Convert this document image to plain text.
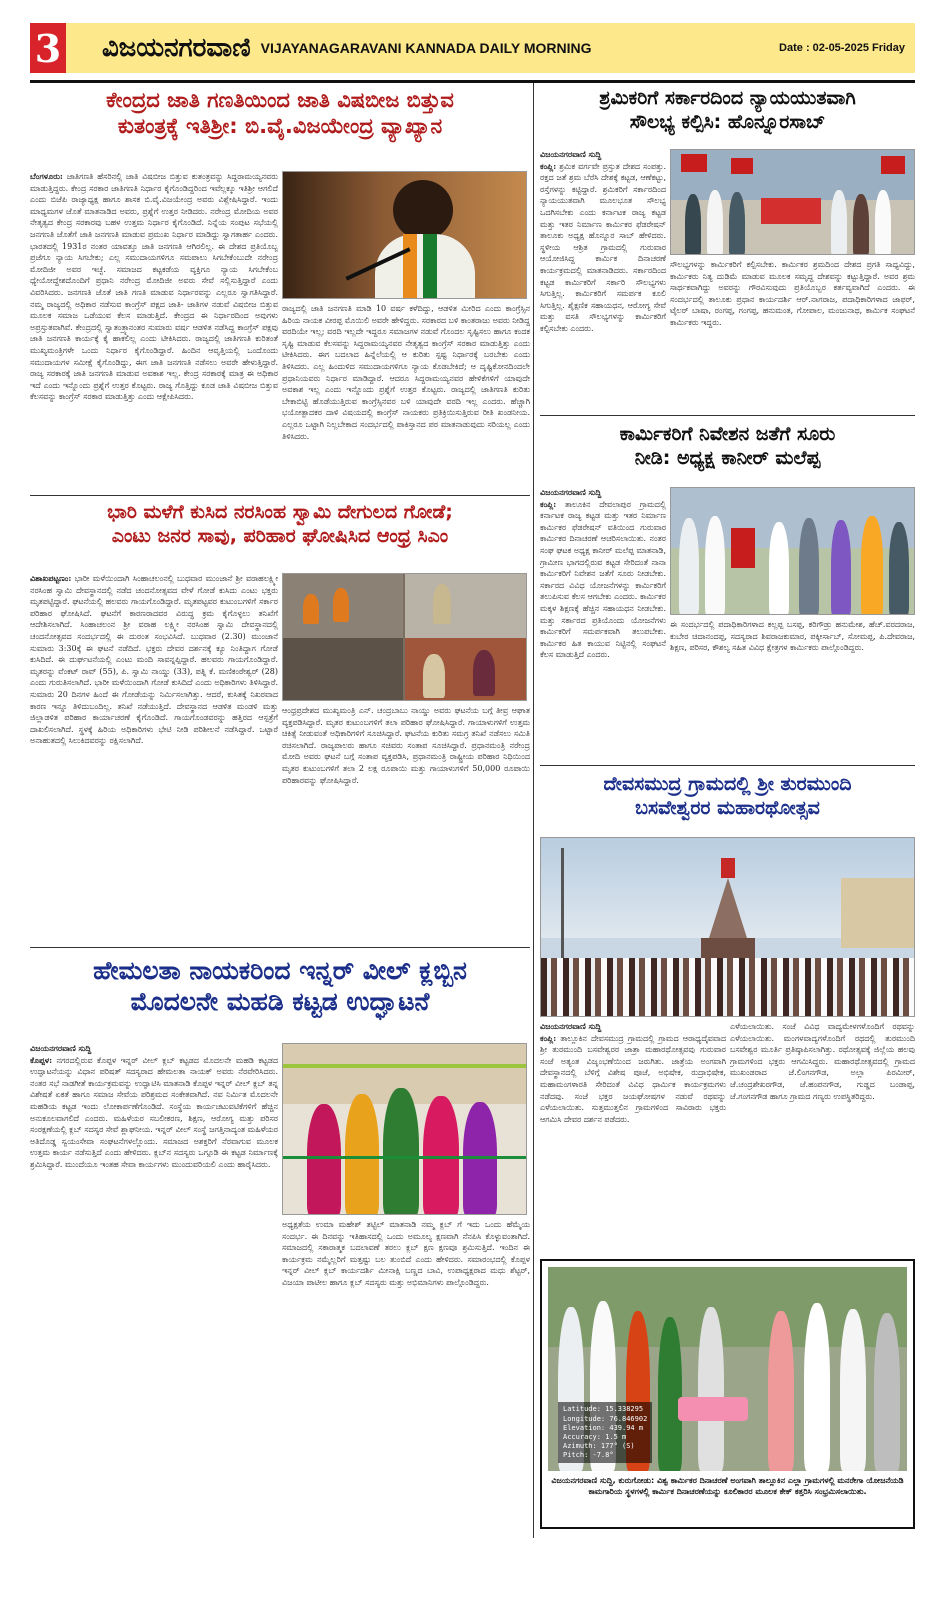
3 ವಿಜಯನಗರವಾಣಿ VIJAYANAGARAVANI KANNADA DAILY MORNING	Date : 02-05-2025 Friday
ಕೇಂದ್ರದ ಜಾತಿ ಗಣತಿಯಿಂದ ಜಾತಿ ವಿಷಬೀಜ ಬಿತ್ತುವ
ಕುತಂತ್ರಕ್ಕೆ ಇತಿಶ್ರೀ: ಬಿ.ವೈ.ವಿಜಯೇಂದ್ರ ವ್ಯಾಖ್ಯಾನ
ಬೆಂಗಳೂರು: ಜಾತಿಗಣತಿ ಹೆಸರಿನಲ್ಲಿ ಜಾತಿ ವಿಷಬೀಜ ಬಿತ್ತುವ ಕುತಂತ್ರವನ್ನು ಸಿದ್ದರಾಮಯ್ಯನವರು ಮಾಡುತ್ತಿದ್ದರು. ಕೇಂದ್ರ ಸರಕಾರ ಜಾತಿಗಣತಿ ನಿರ್ಧಾರ ಕೈಗೊಂಡಿದ್ದರಿಂದ ಇವೆಲ್ಲಕ್ಕೂ ಇತಿಶ್ರೀ ಆಗಲಿದೆ ಎಂದು ಬಿಜೆಪಿ ರಾಜ್ಯಾಧ್ಯಕ್ಷ ಹಾಗೂ ಶಾಸಕ ಬಿ.ವೈ.ವಿಜಯೇಂದ್ರ ಅವರು ವಿಶ್ಲೇಷಿಸಿದ್ದಾರೆ. ಇಂದು ಮಾಧ್ಯಮಗಳ ಜೊತೆ ಮಾತನಾಡಿದ ಅವರು, ಪ್ರಶ್ನೆಗೆ ಉತ್ತರ ನೀಡಿದರು. ನರೇಂದ್ರ ಮೋದಿಯ ಅವರ ನೇತೃತ್ವದ ಕೇಂದ್ರ ಸರಕಾರವು ಬಹಳ ಉತ್ತಮ ನಿರ್ಧಾರ ಕೈಗೊಂಡಿದೆ. ನಿನ್ನೆಯ ಸಂಪುಟ ಸಭೆಯಲ್ಲಿ ಜನಗಣತಿ ಜೊತೆಗೆ ಜಾತಿ ಜನಗಣತಿ ಮಾಡುವ ಪ್ರಮುಖ ನಿರ್ಧಾರ ಮಾಡಿದ್ದು ಸ್ವಾಗತಾರ್ಹ ಎಂದರು. ಭಾರತದಲ್ಲಿ 1931ರ ನಂತರ ಯಾವತ್ತೂ ಜಾತಿ ಜನಗಣತಿ ಆಗಿರಲಿಲ್ಲ. ಈ ದೇಶದ ಪ್ರತಿಯೊಬ್ಬ ಪ್ರಜೆಗೂ ನ್ಯಾಯ ಸಿಗಬೇಕು; ಎಲ್ಲ ಸಮುದಾಯಗಳಿಗೂ ಸಮಪಾಲು ಸಿಗಬೇಕೆಂಬುದೇ ನರೇಂದ್ರ ಮೋದಿಜೀ ಅವರ ಇಚ್ಛೆ. ಸಮಾಜದ ಕಟ್ಟಕಡೆಯ ವ್ಯಕ್ತಿಗೂ ನ್ಯಾಯ ಸಿಗಬೇಕೆಂಬ ಧ್ಯೇಯೋದ್ದೇಶದೊಂದಿಗೆ ಪ್ರಧಾನಿ ನರೇಂದ್ರ ಮೋದಿಜೀ ಅವರು ಸೇವೆ ಸಲ್ಲಿಸುತ್ತಿದ್ದಾರೆ ಎಂದು ವಿವರಿಸಿದರು. ಜನಗಣತಿ ಜೊತೆ ಜಾತಿ ಗಣತಿ ಮಾಡುವ ನಿರ್ಧಾರವನ್ನು ಎಲ್ಲರೂ ಸ್ವಾಗತಿಸಿದ್ದಾರೆ. ನಮ್ಮ ರಾಜ್ಯದಲ್ಲಿ ಅಧಿಕಾರ ನಡೆಸುವ ಕಾಂಗ್ರೆಸ್ ಪಕ್ಷದ ಜಾತಿ- ಜಾತಿಗಳ ನಡುವೆ ವಿಷಬೀಜ ಬಿತ್ತುವ ಮೂಲಕ ಸಮಾಜ ಒಡೆಯುವ ಕೆಲಸ ಮಾಡುತ್ತಿದೆ. ಕೇಂದ್ರದ ಈ ನಿರ್ಧಾರದಿಂದ ಅವುಗಳು ಅಪ್ರಸ್ತುತವಾಗಿವೆ. ಕೇಂದ್ರದಲ್ಲಿ ಸ್ವಾತಂತ್ರ್ಯಾನಂತರ ಸುಮಾರು ವರ್ಷ ಆಡಳಿತ ನಡೆಸಿದ್ದ ಕಾಂಗ್ರೆಸ್ ಪಕ್ಷವು ಜಾತಿ ಜನಗಣತಿ ಕಾರ್ಯಕ್ಕೆ ಕೈ ಹಾಕಲಿಲ್ಲ ಎಂದು ಟೀಕಿಸಿದರು. ರಾಜ್ಯದಲ್ಲಿ ಜಾತಿಗಣತಿ ಕುರಿತಂತೆ ಮುಖ್ಯಮಂತ್ರಿಗಳೇ ಒಂದು ನಿರ್ಧಾರ ಕೈಗೊಂಡಿದ್ದಾರೆ. ಹಿಂದಿನ ಆವೃತ್ತಿಯಲ್ಲಿ ಒಂದೊಂದು ಸಮುದಾಯಗಳ ಸಮೀಕ್ಷೆ ಕೈಗೊಂಡಿದ್ದು, ಈಗ ಜಾತಿ ಜನಗಣತಿ ನಡೆಸಲು ಅವರೇ ಹೇಳುತ್ತಿದ್ದಾರೆ. ರಾಜ್ಯ ಸರಕಾರಕ್ಕೆ ಜಾತಿ ಜನಗಣತಿ ಮಾಡುವ ಅವಕಾಶ ಇಲ್ಲ. ಕೇಂದ್ರ ಸರಕಾರಕ್ಕೆ ಮಾತ್ರ ಈ ಅಧಿಕಾರ ಇದೆ ಎಂದು ಇನ್ನೊಂದು ಪ್ರಶ್ನೆಗೆ ಉತ್ತರ ಕೊಟ್ಟರು. ರಾಜ್ಯ ಗೊತ್ತಿದ್ದು ಕೂಡ ಜಾತಿ ವಿಷಬೀಜ ಬಿತ್ತುವ ಕೆಲಸವನ್ನು ಕಾಂಗ್ರೆಸ್ ಸರಕಾರ ಮಾಡುತ್ತಿತ್ತು ಎಂದು ಆಕ್ಷೇಪಿಸಿದರು.
ರಾಜ್ಯದಲ್ಲಿ ಜಾತಿ ಜನಗಣತಿ ಮಾಡಿ 10 ವರ್ಷ ಕಳೆದಿದ್ದು, ಆಡಳಿತ ಮೀರಿದ ಎಂದು ಕಾಂಗ್ರೆಸ್ಸಿನ ಹಿರಿಯ ನಾಯಕ ವೀರಪ್ಪ ಮೊಯಿಲಿ ಅವರೇ ಹೇಳಿದ್ದರು. ಸರಕಾರದ ಬಳಿ ಕಾಂತರಾಜು ಅವರು ನೀಡಿದ್ದ ವರದಿಯೇ ಇಲ್ಲ; ವರದಿ ಇಲ್ಲದೇ ಇದ್ದರೂ ಸಮಾಜಗಳ ನಡುವೆ ಗೊಂದಲ ಸೃಷ್ಟಿಸಲು ಹಾಗೂ ಕಂದಕ ಸೃಷ್ಟಿ ಮಾಡುವ ಕೆಲಸವನ್ನು ಸಿದ್ದರಾಮಯ್ಯನವರ ನೇತೃತ್ವದ ಕಾಂಗ್ರೆಸ್ ಸರಕಾರ ಮಾಡುತ್ತಿತ್ತು ಎಂದು ಟೀಕಿಸಿದರು. ಈಗ ಬದಲಾದ ಹಿನ್ನೆಲೆಯಲ್ಲಿ ಆ ಕುರಿತು ಸ್ಪಷ್ಟ ನಿರ್ಧಾರಕ್ಕೆ ಬರಬೇಕು ಎಂದು ತಿಳಿಸಿದರು. ಎಲ್ಲ ಹಿಂದುಳಿದ ಸಮುದಾಯಗಳಿಗೂ ನ್ಯಾಯ ಕೊಡಬೇಕಿದೆ; ಆ ದೃಷ್ಟಿಕೋನದಿಂದಲೇ ಪ್ರಧಾನಿಯವರು ನಿರ್ಧಾರ ಮಾಡಿದ್ದಾರೆ. ಆದರೂ ಸಿದ್ದರಾಮಯ್ಯನವರ ಹೇಳಿಕೆಗಳಿಗೆ ಯಾವುದೇ ಅವಕಾಶ ಇಲ್ಲ ಎಂದು ಇನ್ನೊಂದು ಪ್ರಶ್ನೆಗೆ ಉತ್ತರ ಕೊಟ್ಟರು. ರಾಜ್ಯದಲ್ಲಿ ಜಾತಿಗಣತಿ ಕುರಿತು ಬೇಕಾಬಿಟ್ಟಿ ಹೊಡೆಯುತ್ತಿರುವ ಕಾಂಗ್ರೆಸ್ಸಿನವರ ಬಳಿ ಯಾವುದೇ ವರದಿ ಇಲ್ಲ ಎಂದರು. ಹೆಚ್ಚಾಗಿ ಭಯೋತ್ಪಾದಕರ ದಾಳಿ ವಿಷಯದಲ್ಲಿ ಕಾಂಗ್ರೆಸ್ ನಾಯಕರು ಪ್ರತಿಕ್ರಿಯಿಸುತ್ತಿರುವ ರೀತಿ ಖಂಡನೀಯ. ಎಲ್ಲರೂ ಒಟ್ಟಾಗಿ ನಿಲ್ಲಬೇಕಾದ ಸಂದರ್ಭದಲ್ಲಿ ಪಾಕಿಸ್ತಾನದ ಪರ ಮಾತನಾಡುವುದು ಸರಿಯಲ್ಲ ಎಂದು ತಿಳಿಸಿದರು.
ಭಾರಿ ಮಳೆಗೆ ಕುಸಿದ ನರಸಿಂಹ ಸ್ವಾಮಿ ದೇಗುಲದ ಗೋಡೆ;
ಎಂಟು ಜನರ ಸಾವು, ಪರಿಹಾರ ಘೋಷಿಸಿದ ಆಂಧ್ರ ಸಿಎಂ
ವಿಶಾಖಪಟ್ಟಣಂ: ಭಾರೀ ಮಳೆಯಿಂದಾಗಿ ಸಿಂಹಾಚಲಂನಲ್ಲಿ ಬುಧವಾರ ಮುಂಜಾನೆ ಶ್ರೀ ವರಾಹಲಕ್ಷ್ಮೀ ನರಸಿಂಹ ಸ್ವಾಮಿ ದೇವಸ್ಥಾನದಲ್ಲಿ ನಡೆದ ಚಂದನೋತ್ಸವದ ವೇಳೆ ಗೋಡೆ ಕುಸಿದು ಎಂಟು ಭಕ್ತರು ಮೃತಪಟ್ಟಿದ್ದಾರೆ. ಘಟನೆಯಲ್ಲಿ ಹಲವರು ಗಾಯಗೊಂಡಿದ್ದಾರೆ. ಮೃತಪಟ್ಟವರ ಕುಟುಂಬಗಳಿಗೆ ಸರ್ಕಾರ ಪರಿಹಾರ ಘೋಷಿಸಿದೆ. ಘಟನೆಗೆ ಕಾರಣರಾದವರ ವಿರುದ್ಧ ಕ್ರಮ ಕೈಗೊಳ್ಳಲು ತನಿಖೆಗೆ ಆದೇಶಿಸಲಾಗಿದೆ. ಸಿಂಹಾಚಲಂನ ಶ್ರೀ ವರಾಹ ಲಕ್ಷ್ಮೀ ನರಸಿಂಹ ಸ್ವಾಮಿ ದೇವಸ್ಥಾನದಲ್ಲಿ ಚಂದನೋತ್ಸವದ ಸಂದರ್ಭದಲ್ಲಿ ಈ ದುರಂತ ಸಂಭವಿಸಿದೆ. ಬುಧವಾರ (2.30) ಮುಂಜಾನೆ ಸುಮಾರು 3:30ಕ್ಕೆ ಈ ಘಟನೆ ನಡೆದಿದೆ. ಭಕ್ತರು ದೇವರ ದರ್ಶನಕ್ಕೆ ಕ್ಯೂ ನಿಂತಿದ್ದಾಗ ಗೋಡೆ ಕುಸಿದಿದೆ. ಈ ದುರ್ಘಟನೆಯಲ್ಲಿ ಎಂಟು ಮಂದಿ ಸಾವನ್ನಪ್ಪಿದ್ದಾರೆ. ಹಲವರು ಗಾಯಗೊಂಡಿದ್ದಾರೆ. ಮೃತರನ್ನು ವೆಂಕಟ್ ರಾವ್ (55), ಪಿ. ಸ್ವಾಮಿ ನಾಯ್ಡು (33), ಪತ್ನಿ ಕೆ. ಮಣಿಕಂಠೇಶ್ವರ್ (28) ಎಂದು ಗುರುತಿಸಲಾಗಿದೆ. ಭಾರೀ ಮಳೆಯಿಂದಾಗಿ ಗೋಡೆ ಕುಸಿದಿದೆ ಎಂದು ಅಧಿಕಾರಿಗಳು ತಿಳಿಸಿದ್ದಾರೆ. ಸುಮಾರು 20 ದಿನಗಳ ಹಿಂದೆ ಈ ಗೋಡೆಯನ್ನು ನಿರ್ಮಿಸಲಾಗಿತ್ತು. ಆದರೆ, ಕುಸಿತಕ್ಕೆ ನಿಖರವಾದ ಕಾರಣ ಇನ್ನೂ ತಿಳಿದುಬಂದಿಲ್ಲ. ತನಿಖೆ ನಡೆಯುತ್ತಿದೆ. ದೇವಸ್ಥಾನದ ಆಡಳಿತ ಮಂಡಳಿ ಮತ್ತು ಜಿಲ್ಲಾಡಳಿತ ಪರಿಹಾರ ಕಾರ್ಯಾಚರಣೆ ಕೈಗೊಂಡಿದೆ. ಗಾಯಗೊಂಡವರನ್ನು ಹತ್ತಿರದ ಆಸ್ಪತ್ರೆಗೆ ದಾಖಲಿಸಲಾಗಿದೆ. ಸ್ಥಳಕ್ಕೆ ಹಿರಿಯ ಅಧಿಕಾರಿಗಳು ಭೇಟಿ ನೀಡಿ ಪರಿಶೀಲನೆ ನಡೆಸಿದ್ದಾರೆ. ಒಟ್ಟಾರೆ ಅನಾಹುತದಲ್ಲಿ ಸಿಲುಕಿದವರನ್ನು ರಕ್ಷಿಸಲಾಗಿದೆ.
ಆಂಧ್ರಪ್ರದೇಶದ ಮುಖ್ಯಮಂತ್ರಿ ಎನ್. ಚಂದ್ರಬಾಬು ನಾಯ್ಡು ಅವರು ಘಟನೆಯ ಬಗ್ಗೆ ತೀವ್ರ ಆಘಾತ ವ್ಯಕ್ತಪಡಿಸಿದ್ದಾರೆ. ಮೃತರ ಕುಟುಂಬಗಳಿಗೆ ತಲಾ ಪರಿಹಾರ ಘೋಷಿಸಿದ್ದಾರೆ. ಗಾಯಾಳುಗಳಿಗೆ ಉತ್ತಮ ಚಿಕಿತ್ಸೆ ನೀಡುವಂತೆ ಅಧಿಕಾರಿಗಳಿಗೆ ಸೂಚಿಸಿದ್ದಾರೆ. ಘಟನೆಯ ಕುರಿತು ಸಮಗ್ರ ತನಿಖೆ ನಡೆಸಲು ಸಮಿತಿ ರಚಿಸಲಾಗಿದೆ. ರಾಜ್ಯಪಾಲರು ಹಾಗೂ ಸಚಿವರು ಸಂತಾಪ ಸೂಚಿಸಿದ್ದಾರೆ. ಪ್ರಧಾನಮಂತ್ರಿ ನರೇಂದ್ರ ಮೋದಿ ಅವರು ಘಟನೆ ಬಗ್ಗೆ ಸಂತಾಪ ವ್ಯಕ್ತಪಡಿಸಿ, ಪ್ರಧಾನಮಂತ್ರಿ ರಾಷ್ಟ್ರೀಯ ಪರಿಹಾರ ನಿಧಿಯಿಂದ ಮೃತರ ಕುಟುಂಬಗಳಿಗೆ ತಲಾ 2 ಲಕ್ಷ ರೂಪಾಯಿ ಮತ್ತು ಗಾಯಾಳುಗಳಿಗೆ 50,000 ರೂಪಾಯಿ ಪರಿಹಾರವನ್ನು ಘೋಷಿಸಿದ್ದಾರೆ.
ಹೇಮಲತಾ ನಾಯಕರಿಂದ ಇನ್ನರ್ ವೀಲ್ ಕ್ಲಬ್ಬಿನ
ಮೊದಲನೇ ಮಹಡಿ ಕಟ್ಟಡ ಉದ್ಘಾಟನೆ
ವಿಜಯನಗರವಾಣಿ ಸುದ್ದಿ
ಕೊಪ್ಪಳ: ನಗರದಲ್ಲಿರುವ ಕೊಪ್ಪಳ ಇನ್ನರ್ ವೀಲ್ ಕ್ಲಬ್ ಕಟ್ಟಡದ ಮೊದಲನೇ ಮಹಡಿ ಕಟ್ಟಡದ ಉದ್ಘಾಟನೆಯನ್ನು ವಿಧಾನ ಪರಿಷತ್ ಸದಸ್ಯರಾದ ಹೇಮಲತಾ ನಾಯಕ್ ಅವರು ನೆರವೇರಿಸಿದರು. ನಂತರ ಸಭೆ ನಾಡಗೀತೆ ಕಾರ್ಯಕ್ರಮವನ್ನು ಉದ್ಘಾಟಿಸಿ ಮಾತನಾಡಿ ಕೊಪ್ಪಳ ಇನ್ನರ್ ವೀಲ್ ಕ್ಲಬ್ ತನ್ನ ವಿಶೇಷತೆ ಏಕತೆ ಹಾಗೂ ಸಮಾಜ ಸೇವೆಯ ಪರಿಶ್ರಮದ ಸಂಕೇತವಾಗಿದೆ. ನವ ನಿರ್ಮಿತ ಮೊದಲನೇ ಮಹಡಿಯ ಕಟ್ಟಡ ಇಂದು ಲೋಕಾರ್ಪಣೆಗೊಂಡಿದೆ. ಸಂಸ್ಥೆಯ ಕಾರ್ಯಚಟುವಟಿಕೆಗಳಿಗೆ ಹೆಚ್ಚಿನ ಅನುಕೂಲವಾಗಲಿದೆ ಎಂದರು. ಮಹಿಳೆಯರ ಸಬಲೀಕರಣ, ಶಿಕ್ಷಣ, ಆರೋಗ್ಯ ಮತ್ತು ಪರಿಸರ ಸಂರಕ್ಷಣೆಯಲ್ಲಿ ಕ್ಲಬ್ ಸದಸ್ಯರ ಸೇವೆ ಶ್ಲಾಘನೀಯ. ಇನ್ನರ್ ವೀಲ್ ಸಂಸ್ಥೆ ಜಗತ್ತಿನಾದ್ಯಂತ ಮಹಿಳೆಯರ ಅತಿದೊಡ್ಡ ಸ್ವಯಂಸೇವಾ ಸಂಘಟನೆಗಳಲ್ಲೊಂದು. ಸಮಾಜದ ಅಶಕ್ತರಿಗೆ ನೆರವಾಗುವ ಮೂಲಕ ಉತ್ತಮ ಕಾರ್ಯ ನಡೆಸುತ್ತಿದೆ ಎಂದು ಹೇಳಿದರು. ಕ್ಲಬ್‌ನ ಸದಸ್ಯರು ಒಗ್ಗೂಡಿ ಈ ಕಟ್ಟಡ ನಿರ್ಮಾಣಕ್ಕೆ ಶ್ರಮಿಸಿದ್ದಾರೆ. ಮುಂದೆಯೂ ಇಂತಹ ಸೇವಾ ಕಾರ್ಯಗಳು ಮುಂದುವರಿಯಲಿ ಎಂದು ಹಾರೈಸಿದರು.
ಅಧ್ಯಕ್ಷತೆಯ ಉಮಾ ಮಹೇಶ್ ತಟ್ಟಿಲ್ ಮಾತನಾಡಿ ನಮ್ಮ ಕ್ಲಬ್ ಗೆ ಇದು ಒಂದು ಹೆಮ್ಮೆಯ ಸಂದರ್ಭ. ಈ ದಿನವನ್ನು ಇತಿಹಾಸದಲ್ಲಿ ಒಂದು ಅಮೂಲ್ಯ ಕ್ಷಣವಾಗಿ ನೆನಪಿಸಿ ಕೊಳ್ಳುವಂತಾಗಿದೆ. ಸಮಾಜದಲ್ಲಿ ಸಕಾರಾತ್ಮಕ ಬದಲಾವಣೆ ತರಲು ಕ್ಲಬ್ ಕ್ಷಣ ಕ್ಷಣವೂ ಶ್ರಮಿಸುತ್ತಿದೆ. ಇಂದಿನ ಈ ಕಾರ್ಯಕ್ರಮ ನಮ್ಮೆಲ್ಲರಿಗೆ ಮತ್ತಷ್ಟು ಬಲ ತುಂಬಿದೆ ಎಂದು ಹೇಳಿದರು. ಸಮಾರಂಭದಲ್ಲಿ ಕೊಪ್ಪಳ ಇನ್ನರ್ ವೀಲ್ ಕ್ಲಬ್ ಕಾರ್ಯದರ್ಶಿ ಮೀನಾಕ್ಷಿ ಬಣ್ಣದ ಬಾವಿ, ಉಪಾಧ್ಯಕ್ಷರಾದ ಮಧು ಶೆಟ್ಟರ್, ವಿಜಯಾ ಪಾಟೀಲ ಹಾಗೂ ಕ್ಲಬ್ ಸದಸ್ಯರು ಮತ್ತು ಅಭಿಮಾನಿಗಳು ಪಾಲ್ಗೊಂಡಿದ್ದರು.
ಶ್ರಮಿಕರಿಗೆ ಸರ್ಕಾರದಿಂದ ನ್ಯಾಯಯುತವಾಗಿ
ಸೌಲಭ್ಯ ಕಲ್ಪಿಸಿ: ಹೊನ್ನೂರಸಾಬ್
ವಿಜಯನಗರವಾಣಿ ಸುದ್ದಿ
ಕಂಪ್ಲಿ: ಶ್ರಮಿಕ ವರ್ಗವೇ ಪ್ರಸ್ತುತ ದೇಶದ ಸಂಪತ್ತು. ರಕ್ತದ ಜತೆ ಶ್ರಮ ಬೆರೆಸಿ ದೇಶಕ್ಕೆ ಕಟ್ಟಡ, ಆಣೆಕಟ್ಟು, ರಸ್ತೆಗಳನ್ನು ಕಟ್ಟಿದ್ದಾರೆ. ಶ್ರಮಿಕರಿಗೆ ಸರ್ಕಾರದಿಂದ ನ್ಯಾಯಯುತವಾಗಿ ಮೂಲಭೂತ ಸೌಲಭ್ಯ ಒದಗಿಸಬೇಕು ಎಂದು ಕರ್ನಾಟಕ ರಾಜ್ಯ ಕಟ್ಟಡ ಮತ್ತು ಇತರ ನಿರ್ಮಾಣ ಕಾರ್ಮಿಕರ ಫೆಡರೇಷನ್ ತಾಲೂಕು ಅಧ್ಯಕ್ಷ ಹೊನ್ನೂರ ಸಾಬ್ ಹೇಳಿದರು. ಸ್ಥಳೀಯ ಆಶ್ರಿತ ಗ್ರಾಮದಲ್ಲಿ ಗುರುವಾರ ಆಯೋಜಿಸಿದ್ದ ಕಾರ್ಮಿಕ ದಿನಾಚರಣೆ ಕಾರ್ಯಕ್ರಮದಲ್ಲಿ ಮಾತನಾಡಿದರು. ಸರ್ಕಾರದಿಂದ ಕಟ್ಟಡ ಕಾರ್ಮಿಕರಿಗೆ ಸರ್ಕಾರಿ ಸೌಲಭ್ಯಗಳು ಸಿಗುತ್ತಿಲ್ಲ. ಕಾರ್ಮಿಕರಿಗೆ ಸಮರ್ಪಕ ಕೂಲಿ ಸಿಗುತ್ತಿಲ್ಲ. ಶೈಕ್ಷಣಿಕ ಸಹಾಯಧನ, ಆರೋಗ್ಯ ಸೇವೆ ಮತ್ತು ವಸತಿ ಸೌಲಭ್ಯಗಳನ್ನು ಕಾರ್ಮಿಕರಿಗೆ ಕಲ್ಪಿಸಬೇಕು ಎಂದರು.
ಸೌಲಭ್ಯಗಳನ್ನು ಕಾರ್ಮಿಕರಿಗೆ ಕಲ್ಪಿಸಬೇಕು. ಕಾರ್ಮಿಕರ ಶ್ರಮದಿಂದ ದೇಶದ ಪ್ರಗತಿ ಸಾಧ್ಯವಿದ್ದು, ಕಾರ್ಮಿಕರು ನಿತ್ಯ ದುಡಿಮೆ ಮಾಡುವ ಮೂಲಕ ಸಮೃದ್ಧ ದೇಶವನ್ನು ಕಟ್ಟುತ್ತಿದ್ದಾರೆ. ಅವರ ಶ್ರಮ ಸಾರ್ಥಕವಾಗಿದ್ದು ಅವರನ್ನು ಗೌರವಿಸುವುದು ಪ್ರತಿಯೊಬ್ಬರ ಕರ್ತವ್ಯವಾಗಿದೆ ಎಂದರು. ಈ ಸಂದರ್ಭದಲ್ಲಿ ತಾಲೂಕು ಪ್ರಧಾನ ಕಾರ್ಯದರ್ಶಿ ಆರ್.ನಾಗರಾಜ, ಪದಾಧಿಕಾರಿಗಳಾದ ಜಾಫರ್, ಟೈಲರ್ ಬಾಷಾ, ರಂಗಪ್ಪ, ಗಂಗಪ್ಪ, ಹನುಮಂತ, ಗೋಪಾಲ, ಮಂಜುನಾಥ, ಕಾರ್ಮಿಕ ಸಂಘಟನೆ ಕಾರ್ಮಿಕರು ಇದ್ದರು.
ಕಾರ್ಮಿಕರಿಗೆ ನಿವೇಶನ ಜತೆಗೆ ಸೂರು
ನೀಡಿ: ಅಧ್ಯಕ್ಷ ಕಾನೀರ್ ಮಲೆಪ್ಪ
ವಿಜಯನಗರವಾಣಿ ಸುದ್ದಿ
ಕಂಪ್ಲಿ: ತಾಲೂಕಿನ ದೇವಲಾಪುರ ಗ್ರಾಮದಲ್ಲಿ ಕರ್ನಾಟಕ ರಾಜ್ಯ ಕಟ್ಟಡ ಮತ್ತು ಇತರ ನಿರ್ಮಾಣ ಕಾರ್ಮಿಕರ ಫೆಡರೇಷನ್ ವತಿಯಿಂದ ಗುರುವಾರ ಕಾರ್ಮಿಕರ ದಿನಾಚರಣೆ ಆಚರಿಸಲಾಯಿತು. ನಂತರ ಸಂಘ ಘಟಕ ಅಧ್ಯಕ್ಷ ಕಾನೀರ್ ಮಲೆಪ್ಪ ಮಾತನಾಡಿ, ಗ್ರಾಮೀಣ ಭಾಗದಲ್ಲಿರುವ ಕಟ್ಟಡ ಸೇರಿದಂತೆ ನಾನಾ ಕಾರ್ಮಿಕರಿಗೆ ನಿವೇಶನ ಜತೆಗೆ ಸೂರು ನೀಡಬೇಕು. ಸರ್ಕಾರದ ವಿವಿಧ ಯೋಜನೆಗಳನ್ನು ಕಾರ್ಮಿಕರಿಗೆ ತಲುಪಿಸುವ ಕೆಲಸ ಆಗಬೇಕು ಎಂದರು. ಕಾರ್ಮಿಕರ ಮಕ್ಕಳ ಶಿಕ್ಷಣಕ್ಕೆ ಹೆಚ್ಚಿನ ಸಹಾಯಧನ ನೀಡಬೇಕು. ಮತ್ತು ಸರ್ಕಾರದ ಪ್ರತಿಯೊಂದು ಯೋಜನೆಗಳು ಕಾರ್ಮಿಕರಿಗೆ ಸಮರ್ಪಕವಾಗಿ ತಲುಪಬೇಕು. ಕಾರ್ಮಿಕರ ಹಿತ ಕಾಯುವ ನಿಟ್ಟಿನಲ್ಲಿ ಸಂಘಟನೆ ಕೆಲಸ ಮಾಡುತ್ತಿದೆ ಎಂದರು.
ಈ ಸಂದರ್ಭದಲ್ಲಿ ಪದಾಧಿಕಾರಿಗಳಾದ ಕಲ್ಲಪ್ಪ ಬಸಪ್ಪ, ಕರಿಗೌಡ್ರು ಹನುಮೇಶ, ಹೆಚ್.ವರದರಾಜ, ಕುಬೇರ ಚಿದಾನಂದಪ್ಪ, ಸದಸ್ಯರಾದ ಶಿವರಾಜಕುಮಾರ, ಪಕ್ಕೀರ್ಸಾಬ್, ಸೋಮಪ್ಪ, ಪಿ.ದೇವರಾಜ, ಶಿಕ್ಷಣ, ಪರಿಸರ, ಕೌಶಲ್ಯ ಸಹಿತ ವಿವಿಧ ಕ್ಷೇತ್ರಗಳ ಕಾರ್ಮಿಕರು ಪಾಲ್ಗೊಂಡಿದ್ದರು.
ದೇವಸಮುದ್ರ ಗ್ರಾಮದಲ್ಲಿ ಶ್ರೀ ತುರಮುಂದಿ
ಬಸವೇಶ್ವರರ ಮಹಾರಥೋತ್ಸವ
ವಿಜಯನಗರವಾಣಿ ಸುದ್ದಿ
ಕಂಪ್ಲಿ: ತಾಲ್ಲೂಕಿನ ದೇವಸಮುದ್ರ ಗ್ರಾಮದಲ್ಲಿ ಗ್ರಾಮದ ಆರಾಧ್ಯದೈವವಾದ ಶ್ರೀ ತುರಮುಂದಿ ಬಸವೇಶ್ವರರ ಜಾತ್ರಾ ಮಹಾರಥೋತ್ಸವವು ಗುರುವಾರ ಸಂಜೆ ಅತ್ಯಂತ ವಿಜೃಂಭಣೆಯಿಂದ ಜರುಗಿತು. ಜಾತ್ರೆಯ ಅಂಗವಾಗಿ ದೇವಸ್ಥಾನದಲ್ಲಿ ಬೆಳಿಗ್ಗೆ ವಿಶೇಷ ಪೂಜೆ, ಅಭಿಷೇಕ, ರುದ್ರಾಭಿಷೇಕ, ಮಹಾಮಂಗಳಾರತಿ ಸೇರಿದಂತೆ ವಿವಿಧ ಧಾರ್ಮಿಕ ಕಾರ್ಯಕ್ರಮಗಳು ನಡೆದವು. ಸಂಜೆ ಭಕ್ತರ ಜಯಘೋಷಗಳ ನಡುವೆ ರಥವನ್ನು ಎಳೆಯಲಾಯಿತು. ಸುತ್ತಮುತ್ತಲಿನ ಗ್ರಾಮಗಳಿಂದ ಸಾವಿರಾರು ಭಕ್ತರು ಆಗಮಿಸಿ ದೇವರ ದರ್ಶನ ಪಡೆದರು.
ಎಳೆಯಲಾಯಿತು. ಸಂಜೆ ವಿವಿಧ ವಾದ್ಯಮೇಳಗಳೊಂದಿಗೆ ರಥವನ್ನು ಎಳೆಯಲಾಯಿತು. ಮಂಗಳವಾದ್ಯಗಳೊಂದಿಗೆ ರಥದಲ್ಲಿ ತುರಮುಂದಿ ಬಸವೇಶ್ವರ ಮೂರ್ತಿ ಪ್ರತಿಷ್ಠಾಪಿಸಲಾಗಿತ್ತು. ರಥೋತ್ಸವಕ್ಕೆ ಜಿಲ್ಲೆಯ ಹಲವು ಗ್ರಾಮಗಳಿಂದ ಭಕ್ತರು ಆಗಮಿಸಿದ್ದರು. ಮಹಾರಥೋತ್ಸವದಲ್ಲಿ ಗ್ರಾಮದ ಮುಖಂಡರಾದ ಜೆ.ಲಿಂಗನಗೌಡ, ಅಲ್ಲಾ ಪಿರಮೀರ್, ಜೆ.ಚಂದ್ರಶೇಖರಗೌಡ, ಜೆ.ಹಂಪನಗೌಡ, ಗುಡ್ಡದ ಬಂಡಾಪ್ಪ, ಜೆ.ಗಂಗನಗೌಡ ಹಾಗೂ ಗ್ರಾಮದ ಗಣ್ಯರು ಉಪಸ್ಥಿತರಿದ್ದರು.
Latitude: 15.338295
Longitude: 76.846902
Elevation: 439.94 m
Accuracy: 1.5 m
Azimuth: 177° (S)
Pitch: -7.8°
ವಿಜಯನಗರವಾಣಿ ಸುದ್ದಿ, ಕುರುಗೋಡು: ವಿಶ್ವ ಕಾರ್ಮಿಕರ ದಿನಾಚರಣೆ ಅಂಗವಾಗಿ ತಾಲ್ಲೂಕಿನ ಎಲ್ಲಾ ಗ್ರಾಮಗಳಲ್ಲಿ ಮನರೇಗಾ ಯೋಜನೆಯಡಿ ಕಾಮಗಾರಿಯ ಸ್ಥಳಗಳಲ್ಲಿ ಕಾರ್ಮಿಕ ದಿನಾಚರಣೆಯನ್ನು ಕೂಲಿಕಾರರ ಮೂಲಕ ಕೇಕ್ ಕತ್ತರಿಸಿ ಸಂಭ್ರಮಿಸಲಾಯಿತು.
